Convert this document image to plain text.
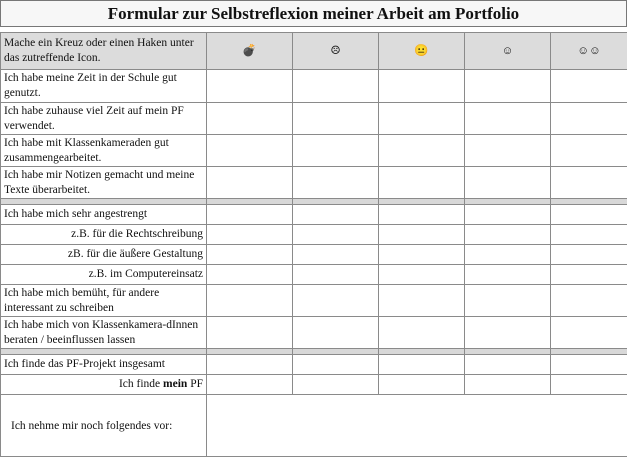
Formular zur Selbstreflexion meiner Arbeit am Portfolio
Mache ein Kreuz oder einen Haken unter das zutreffende Icon.	💣	☹	😐	☺	☺☺
Ich habe meine Zeit in der Schule gut genutzt.					
Ich habe zuhause viel Zeit auf mein PF verwendet.					
Ich habe mit Klassenkameraden gut zusammengearbeitet.					
Ich habe mir Notizen gemacht und meine Texte überarbeitet.					

Ich habe mich sehr angestrengt					
z.B. für die Rechtschreibung					
zB. für die äußere Gestaltung					
z.B. im Computereinsatz					
Ich habe mich bemüht, für andere interessant zu schreiben					
Ich habe mich von Klassenkamera-dInnen beraten / beeinflussen lassen					

Ich finde das PF-Projekt insgesamt					
Ich finde mein PF					
Ich nehme mir noch folgendes vor:					
